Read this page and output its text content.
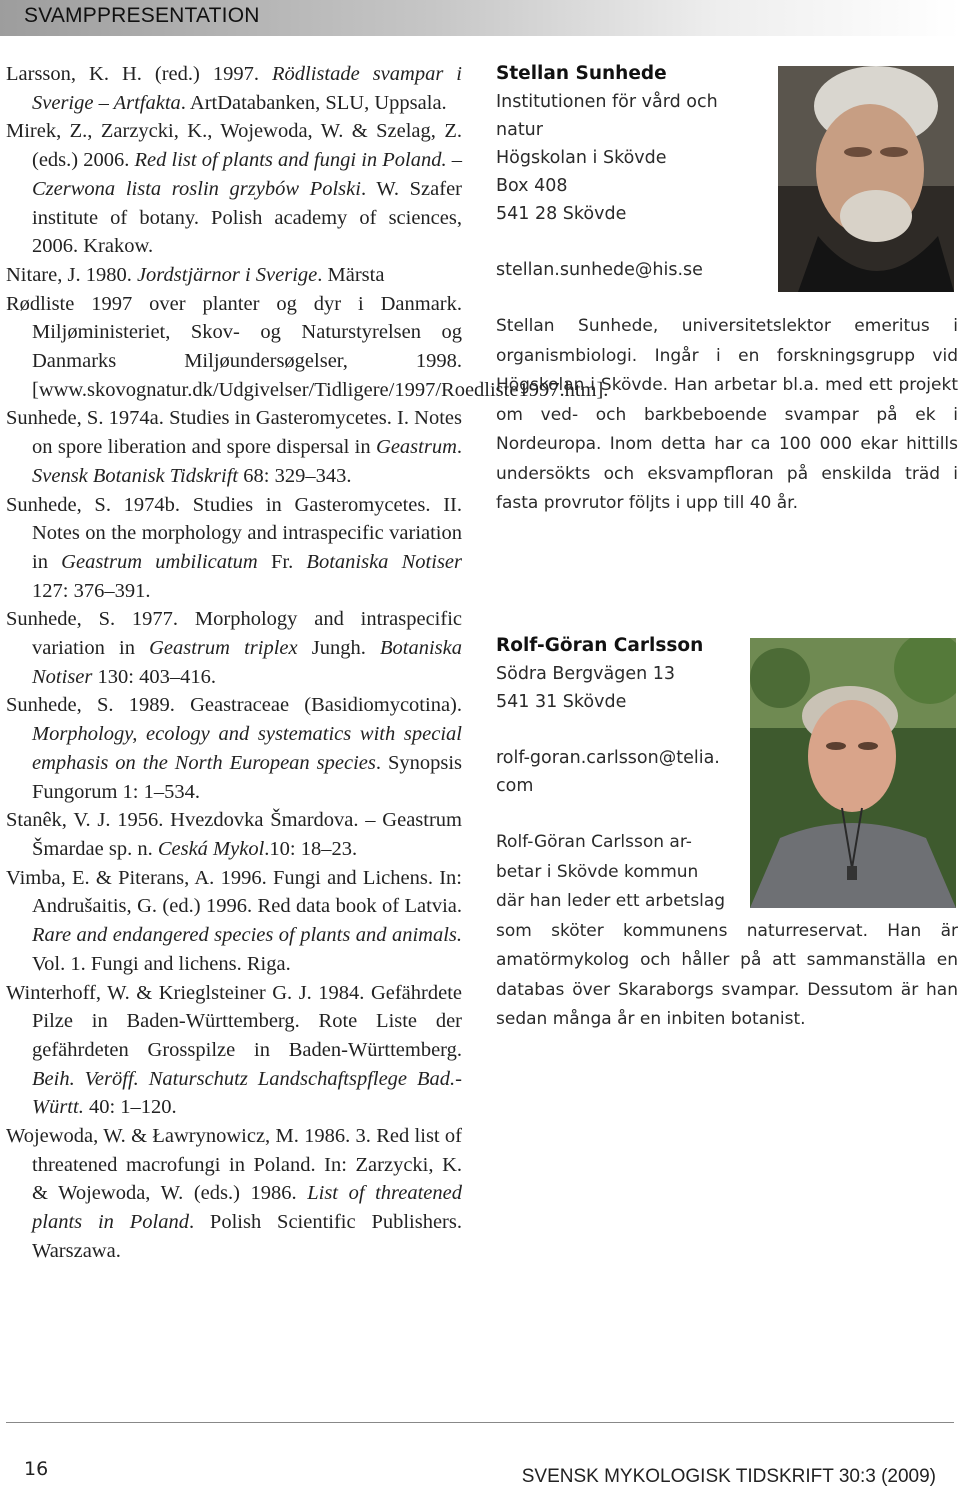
SVAMPPRESENTATION

Larsson, K. H. (red.) 1997. Rödlistade svampar i Sverige – Artfakta. ArtDatabanken, SLU, Uppsala.

Mirek, Z., Zarzycki, K., Wojewoda, W. & Szelag, Z. (eds.) 2006. Red list of plants and fungi in Poland. – Czerwona lista roslin grzybów Polski. W. Szafer institute of botany. Polish academy of sciences, 2006. Krakow.

Nitare, J. 1980. Jordstjärnor i Sverige. Märsta

Rødliste 1997 over planter og dyr i Danmark. Miljøministeriet, Skov- og Naturstyrelsen og Danmarks Miljøundersøgelser, 1998. [www.skovognatur.dk/Udgivelser/Tidligere/1997/Roedliste1997.htm].

Sunhede, S. 1974a. Studies in Gasteromycetes. I. Notes on spore liberation and spore dispersal in Geastrum. Svensk Botanisk Tidskrift 68: 329–343.

Sunhede, S. 1974b. Studies in Gasteromycetes. II. Notes on the morphology and intraspecific variation in Geastrum umbilicatum Fr. Botaniska Notiser 127: 376–391.

Sunhede, S. 1977. Morphology and intraspecific variation in Geastrum triplex Jungh. Botaniska Notiser 130: 403–416.

Sunhede, S. 1989. Geastraceae (Basidiomycotina). Morphology, ecology and systematics with special emphasis on the North European species. Synopsis Fungorum 1: 1–534.

Stanêk, V. J. 1956. Hvezdovka Šmardova. – Geastrum Šmardae sp. n. Ceská Mykol.10: 18–23.

Vimba, E. & Piterans, A. 1996. Fungi and Lichens. In: Andrušaitis, G. (ed.) 1996. Red data book of Latvia. Rare and endangered species of plants and animals. Vol. 1. Fungi and lichens. Riga.

Winterhoff, W. & Krieglsteiner G. J. 1984. Gefährdete Pilze in Baden-Württemberg. Rote Liste der gefährdeten Grosspilze in Baden-Württemberg. Beih. Veröff. Naturschutz Landschaftspflege Bad.-Württ. 40: 1–120.

Wojewoda, W. & Ławrynowicz, M. 1986. 3. Red list of threatened macrofungi in Poland. In: Zarzycki, K. & Wojewoda, W. (eds.) 1986. List of threatened plants in Poland. Polish Scientific Publishers. Warszawa.

Stellan Sunhede
Institutionen för vård och
natur
Högskolan i Skövde
Box 408
541 28 Skövde
stellan.sunhede@his.se
Stellan Sunhede, universitetslektor emeritus i organismbiologi. Ingår i en forskningsgrupp vid Högskolan i Skövde. Han arbetar bl.a. med ett projekt om ved- och barkbeboende svampar på ek i Nordeuropa. Inom detta har ca 100 000 ekar hittills undersökts och eksvampfloran på enskilda träd i fasta provrutor följts i upp till 40 år.
Rolf-Göran Carlsson
Södra Bergvägen 13
541 31 Skövde
rolf-goran.carlsson@telia.
com
Rolf-Göran Carlsson ar-
betar i Skövde kommun
där han leder ett arbetslag
som sköter kommunens naturreservat. Han är amatörmykolog och håller på att sammanställa en databas över Skaraborgs svampar. Dessutom är han sedan många år en inbiten botanist.
16	SVENSK MYKOLOGISK TIDSKRIFT 30:3 (2009)
